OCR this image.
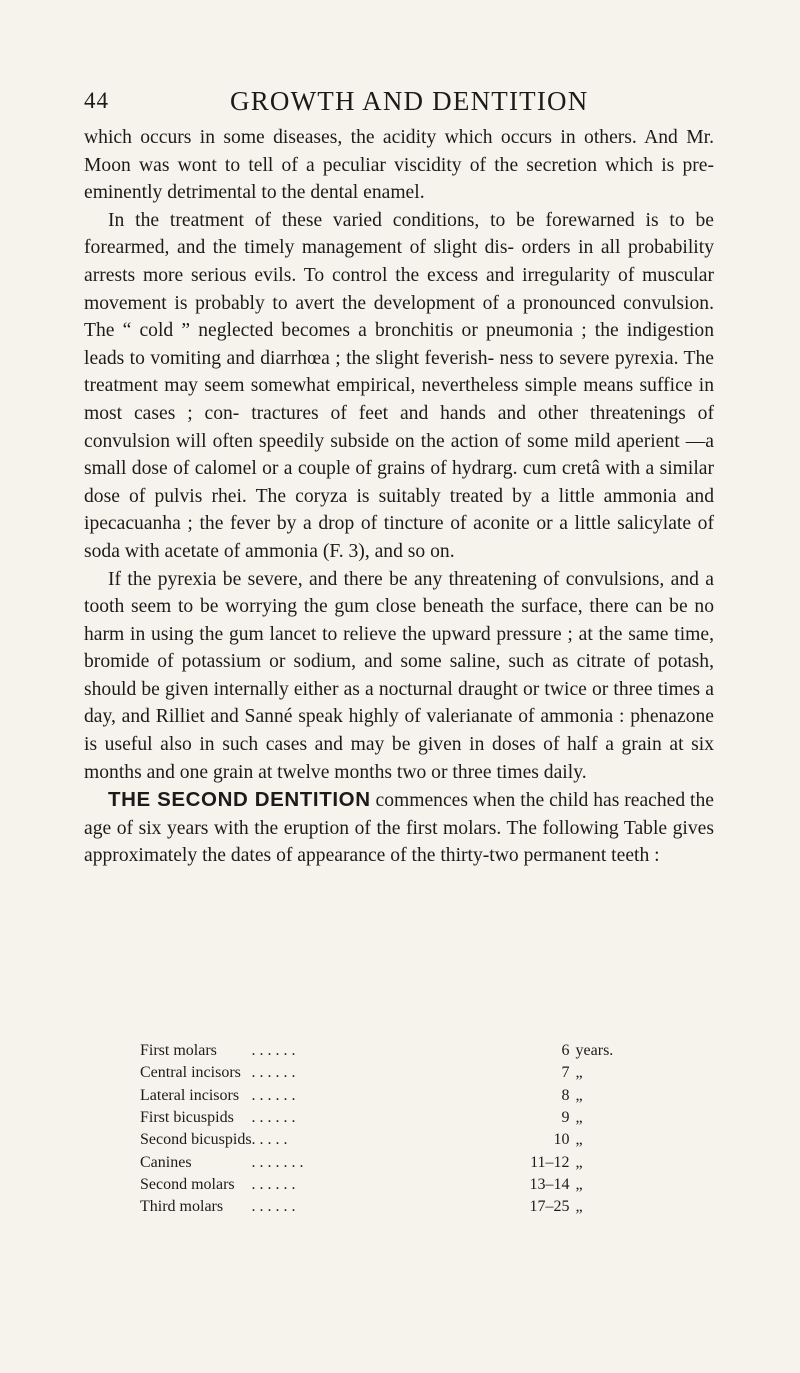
44	GROWTH AND DENTITION

which occurs in some diseases, the acidity which occurs in others. And Mr. Moon was wont to tell of a peculiar viscidity of the secretion which is pre-eminently detrimental to the dental enamel.

In the treatment of these varied conditions, to be forewarned is to be forearmed, and the timely management of slight dis- orders in all probability arrests more serious evils. To control the excess and irregularity of muscular movement is probably to avert the development of a pronounced convulsion. The “ cold ” neglected becomes a bronchitis or pneumonia ; the indigestion leads to vomiting and diarrhœa ; the slight feverish- ness to severe pyrexia. The treatment may seem somewhat empirical, nevertheless simple means suffice in most cases ; con- tractures of feet and hands and other threatenings of convulsion will often speedily subside on the action of some mild aperient —a small dose of calomel or a couple of grains of hydrarg. cum cretâ with a similar dose of pulvis rhei. The coryza is suitably treated by a little ammonia and ipecacuanha ; the fever by a drop of tincture of aconite or a little salicylate of soda with acetate of ammonia (F. 3), and so on.

If the pyrexia be severe, and there be any threatening of convulsions, and a tooth seem to be worrying the gum close beneath the surface, there can be no harm in using the gum lancet to relieve the upward pressure ; at the same time, bromide of potassium or sodium, and some saline, such as citrate of potash, should be given internally either as a nocturnal draught or twice or three times a day, and Rilliet and Sanné speak highly of valerianate of ammonia : phenazone is useful also in such cases and may be given in doses of half a grain at six months and one grain at twelve months two or three times daily.

THE SECOND DENTITION commences when the child has reached the age of six years with the eruption of the first molars. The following Table gives approximately the dates of appearance of the thirty-two permanent teeth :

First molars	. . . . . .	6	years.
Central incisors	. . . . . .	7	„
Lateral incisors	. . . . . .	8	„
First bicuspids	. . . . . .	9	„
Second bicuspids	. . . . .	10	„
Canines	. . . . . . .	11–12	„
Second molars	. . . . . .	13–14	„
Third molars	. . . . . .	17–25	„
